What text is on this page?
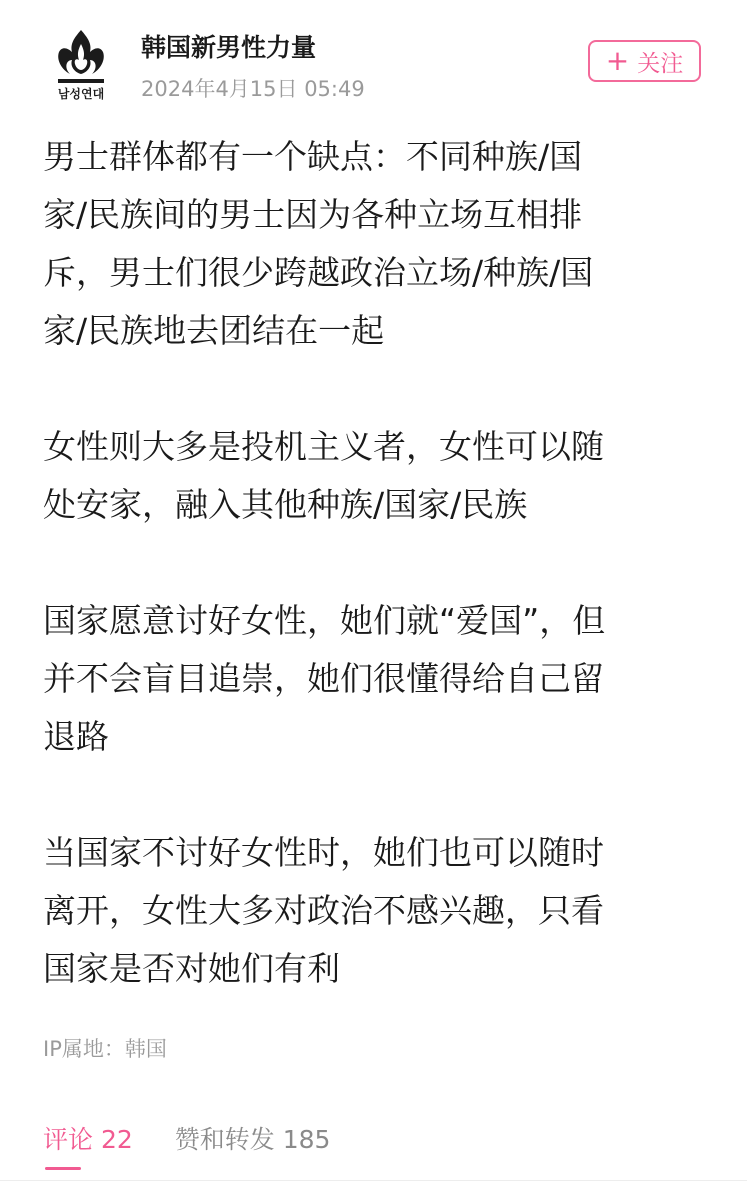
남성연대
韩国新男性力量
2024年4月15日 05:49
+ 关注

男士群体都有一个缺点：不同种族/国
家/民族间的男士因为各种立场互相排
斥，男士们很少跨越政治立场/种族/国
家/民族地去团结在一起

女性则大多是投机主义者，女性可以随
处安家，融入其他种族/国家/民族

国家愿意讨好女性，她们就“爱国”，但
并不会盲目追崇，她们很懂得给自己留
退路

当国家不讨好女性时，她们也可以随时
离开，女性大多对政治不感兴趣，只看
国家是否对她们有利

IP属地：韩国
评论 22 赞和转发 185
